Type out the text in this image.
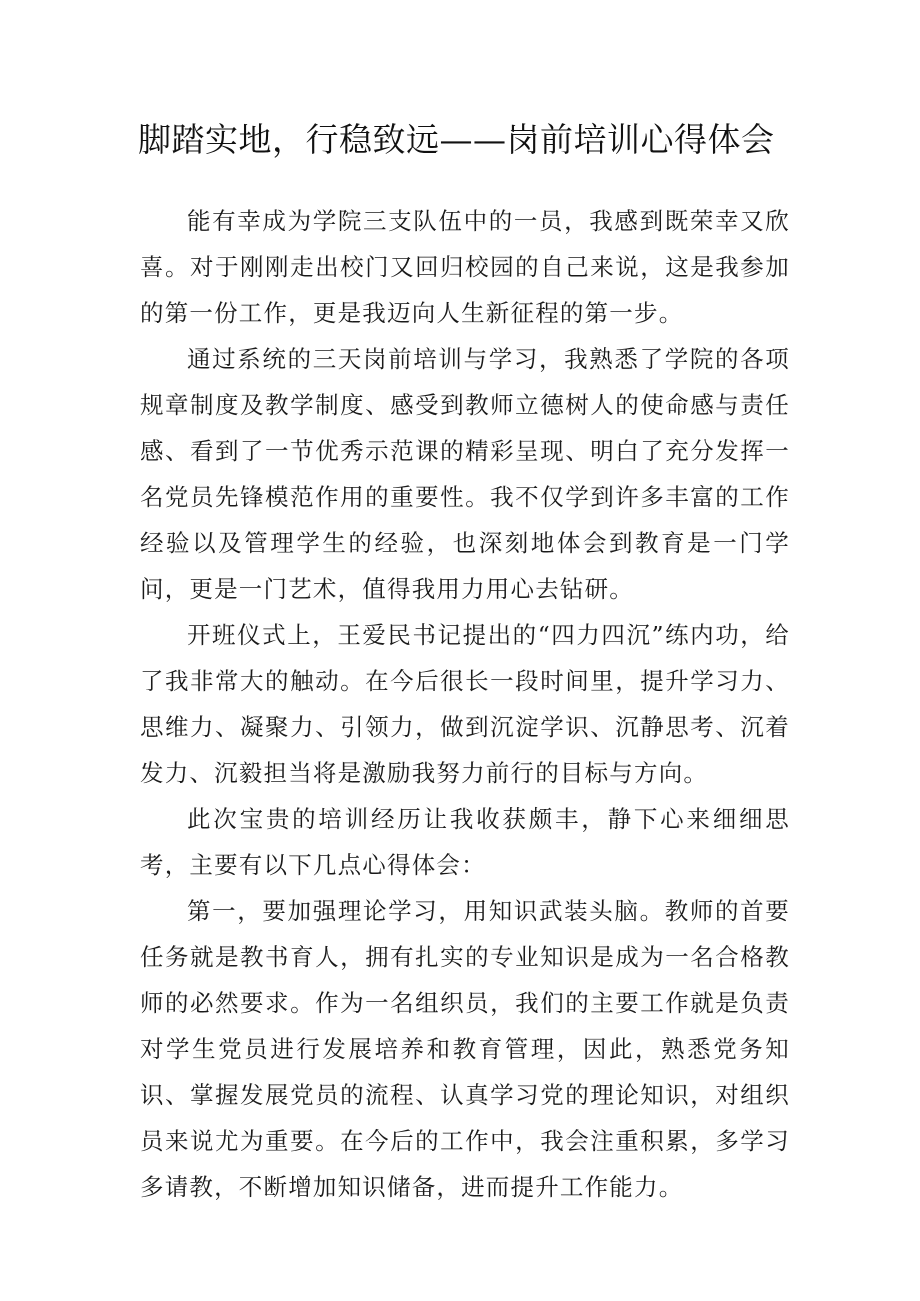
脚踏实地，行稳致远——岗前培训心得体会

能有幸成为学院三支队伍中的一员，我感到既荣幸又欣喜。对于刚刚走出校门又回归校园的自己来说，这是我参加的第一份工作，更是我迈向人生新征程的第一步。

通过系统的三天岗前培训与学习，我熟悉了学院的各项规章制度及教学制度、感受到教师立德树人的使命感与责任感、看到了一节优秀示范课的精彩呈现、明白了充分发挥一名党员先锋模范作用的重要性。我不仅学到许多丰富的工作经验以及管理学生的经验，也深刻地体会到教育是一门学问，更是一门艺术，值得我用力用心去钻研。

开班仪式上，王爱民书记提出的“四力四沉”练内功，给了我非常大的触动。在今后很长一段时间里，提升学习力、思维力、凝聚力、引领力，做到沉淀学识、沉静思考、沉着发力、沉毅担当将是激励我努力前行的目标与方向。

此次宝贵的培训经历让我收获颇丰，静下心来细细思考，主要有以下几点心得体会：

第一，要加强理论学习，用知识武装头脑。教师的首要任务就是教书育人，拥有扎实的专业知识是成为一名合格教师的必然要求。作为一名组织员，我们的主要工作就是负责对学生党员进行发展培养和教育管理，因此，熟悉党务知识、掌握发展党员的流程、认真学习党的理论知识，对组织员来说尤为重要。在今后的工作中，我会注重积累，多学习多请教，不断增加知识储备，进而提升工作能力。
